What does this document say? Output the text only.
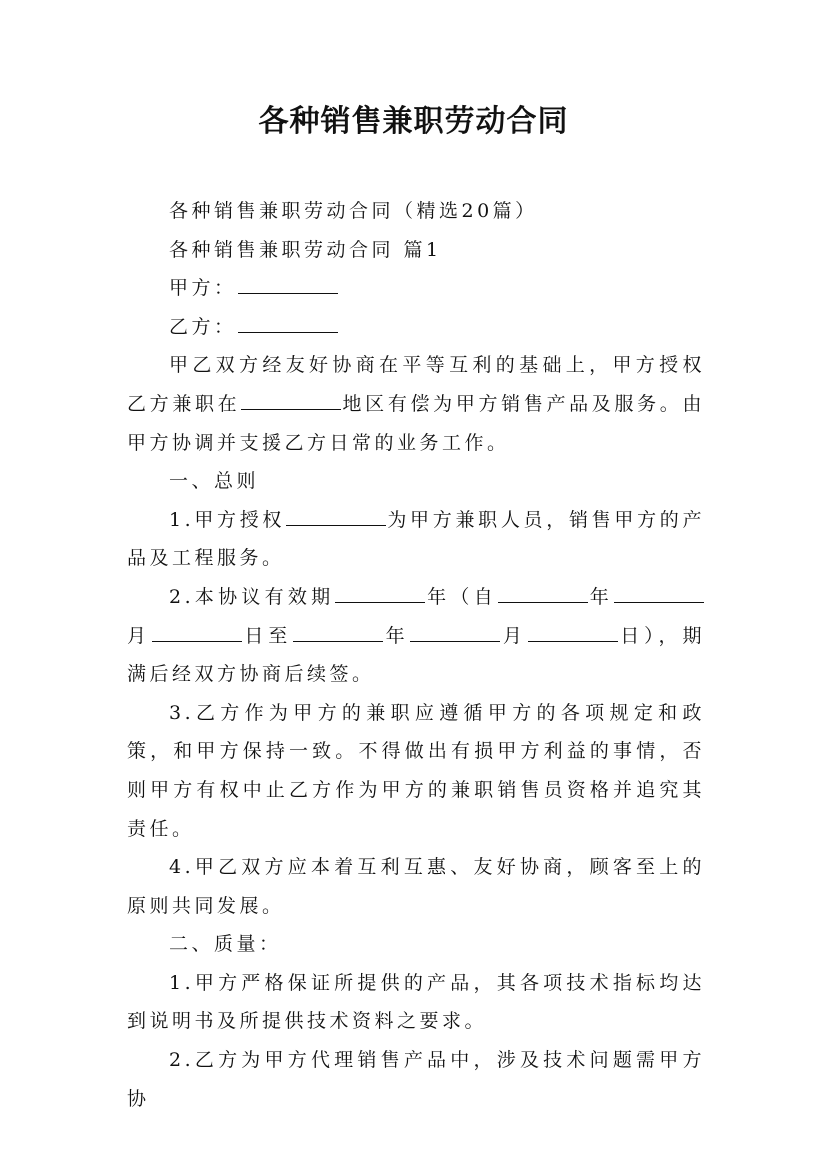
各种销售兼职劳动合同

各种销售兼职劳动合同（精选20篇）

各种销售兼职劳动合同 篇1

甲方：

乙方：

甲乙双方经友好协商在平等互利的基础上，甲方授权乙方兼职在	地区有偿为甲方销售产品及服务。由甲方协调并支援乙方日常的业务工作。

一、总则

1.甲方授权	为甲方兼职人员，销售甲方的产品及工程服务。

2.本协议有效期	年（自	年月	日至	年	月	日），期满后经双方协商后续签。

3.乙方作为甲方的兼职应遵循甲方的各项规定和政策，和甲方保持一致。不得做出有损甲方利益的事情，否则甲方有权中止乙方作为甲方的兼职销售员资格并追究其责任。

4.甲乙双方应本着互利互惠、友好协商，顾客至上的原则共同发展。

二、质量：

1.甲方严格保证所提供的产品，其各项技术指标均达到说明书及所提供技术资料之要求。

2.乙方为甲方代理销售产品中，涉及技术问题需甲方协
